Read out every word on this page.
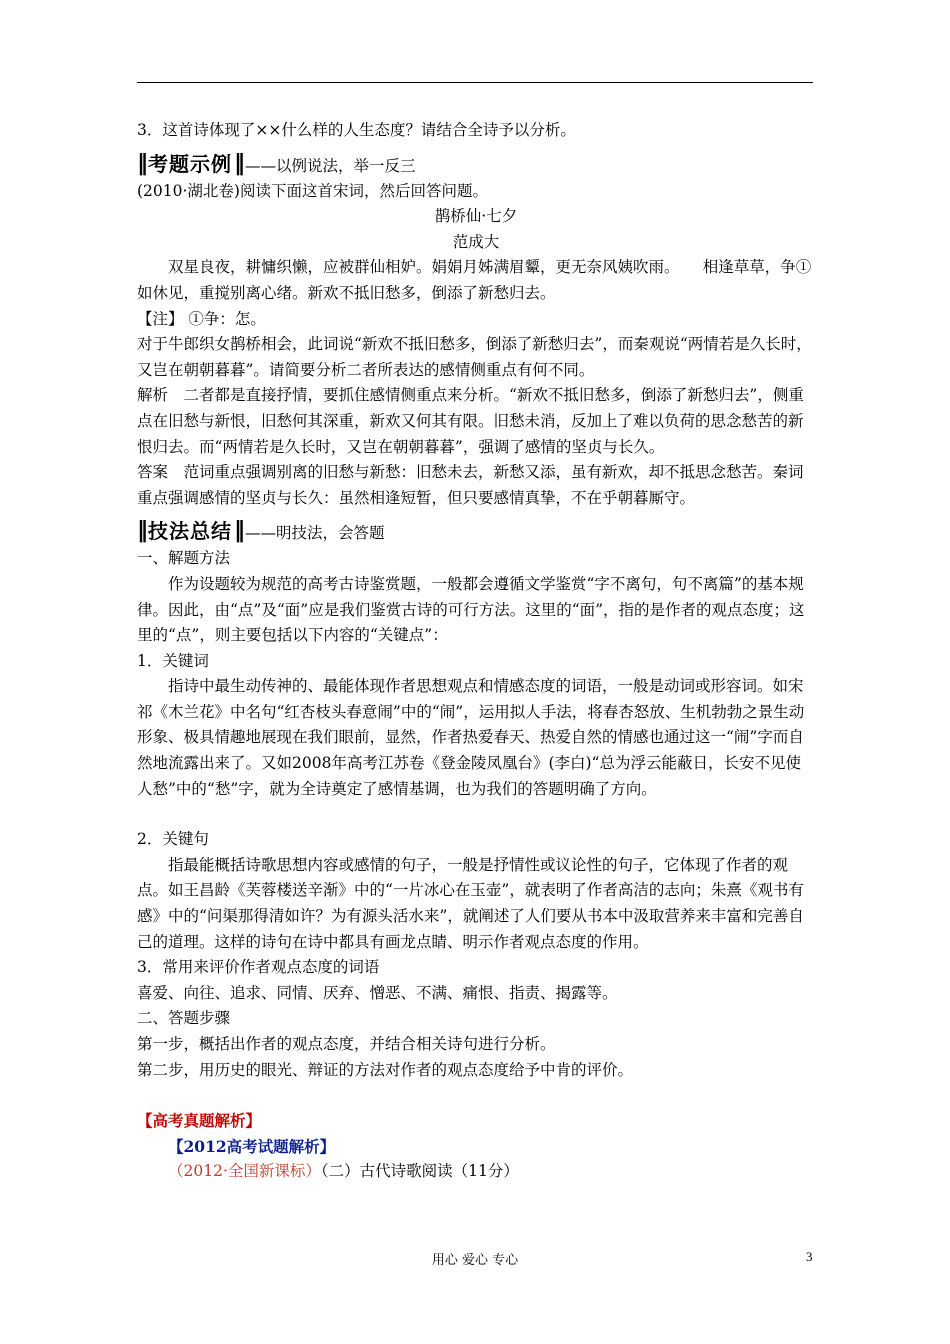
3．这首诗体现了××什么样的人生态度？请结合全诗予以分析。

‖ 考题示例 ‖ ——以例说法，举一反三

(2010·湖北卷)阅读下面这首宋词，然后回答问题。

鹊桥仙·七夕

范成大

双星良夜，耕慵织懒，应被群仙相妒。娟娟月姊满眉颦，更无奈风姨吹雨。　　相逢草草，争①如休见，重搅别离心绪。新欢不抵旧愁多，倒添了新愁归去。

【注】 ①争：怎。

对于牛郎织女鹊桥相会，此词说“新欢不抵旧愁多，倒添了新愁归去”，而秦观说“两情若是久长时，又岂在朝朝暮暮”。请简要分析二者所表达的感情侧重点有何不同。

解析　二者都是直接抒情，要抓住感情侧重点来分析。“新欢不抵旧愁多，倒添了新愁归去”，侧重点在旧愁与新恨，旧愁何其深重，新欢又何其有限。旧愁未消，反加上了难以负荷的思念愁苦的新恨归去。而“两情若是久长时，又岂在朝朝暮暮”，强调了感情的坚贞与长久。

答案　范词重点强调别离的旧愁与新愁：旧愁未去，新愁又添，虽有新欢，却不抵思念愁苦。秦词重点强调感情的坚贞与长久：虽然相逢短暂，但只要感情真挚，不在乎朝暮厮守。

‖ 技法总结 ‖ ——明技法，会答题

一、解题方法

作为设题较为规范的高考古诗鉴赏题，一般都会遵循文学鉴赏“字不离句，句不离篇”的基本规律。因此，由“点”及“面”应是我们鉴赏古诗的可行方法。这里的“面”，指的是作者的观点态度；这里的“点”，则主要包括以下内容的“关键点”：

1．关键词

指诗中最生动传神的、最能体现作者思想观点和情感态度的词语，一般是动词或形容词。如宋祁《木兰花》中名句“红杏枝头春意闹”中的“闹”，运用拟人手法，将春杏怒放、生机勃勃之景生动形象、极具情趣地展现在我们眼前，显然，作者热爱春天、热爱自然的情感也通过这一“闹”字而自然地流露出来了。又如2008年高考江苏卷《登金陵凤凰台》(李白)“总为浮云能蔽日，长安不见使人愁”中的“愁”字，就为全诗奠定了感情基调，也为我们的答题明确了方向。

2．关键句

指最能概括诗歌思想内容或感情的句子，一般是抒情性或议论性的句子，它体现了作者的观点。如王昌龄《芙蓉楼送辛渐》中的“一片冰心在玉壶”，就表明了作者高洁的志向；朱熹《观书有感》中的“问渠那得清如许？为有源头活水来”，就阐述了人们要从书本中汲取营养来丰富和完善自己的道理。这样的诗句在诗中都具有画龙点睛、明示作者观点态度的作用。

3．常用来评价作者观点态度的词语

喜爱、向往、追求、同情、厌弃、憎恶、不满、痛恨、指责、揭露等。

二、答题步骤

第一步，概括出作者的观点态度，并结合相关诗句进行分析。

第二步，用历史的眼光、辩证的方法对作者的观点态度给予中肯的评价。

【高考真题解析】

【2012高考试题解析】

（2012·全国新课标）（二）古代诗歌阅读（11分）

用心 爱心 专心	3
